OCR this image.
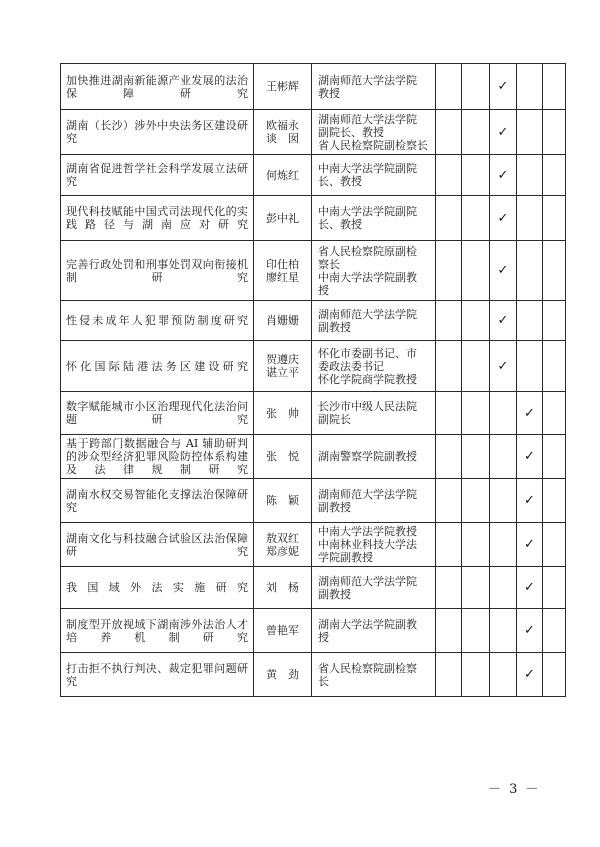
加快推进湖南新能源产业发展的法治保障研究	王彬辉	湖南师范大学法学院
教授			✓		

湖南（长沙）涉外中央法务区建设研究	欧福永
谈　囡	湖南师范大学法学院
副院长、教授
省人民检察院副检察长			✓		

湖南省促进哲学社会科学发展立法研究	何炼红	中南大学法学院副院
长、教授			✓		

现代科技赋能中国式司法现代化的实践路径与湖南应对研究	彭中礼	中南大学法学院副院
长、教授			✓		

完善行政处罚和刑事处罚双向衔接机制研究	印仕柏
廖红星	省人民检察院原副检
察长
中南大学法学院副教
授			✓		

性侵未成年人犯罪预防制度研究	肖姗姗	湖南师范大学法学院
副教授			✓		

怀化国际陆港法务区建设研究	贺遵庆
谌立平	怀化市委副书记、市
委政法委书记
怀化学院商学院教授			✓		

数字赋能城市小区治理现代化法治问题研究	张　帅	长沙市中级人民法院
副院长				✓	

基于跨部门数据融合与 AI 辅助研判的涉众型经济犯罪风险防控体系构建及法律规制研究	张　悦	湖南警察学院副教授				✓	

湖南水权交易智能化支撑法治保障研究	陈　颖	湖南师范大学法学院
副教授				✓	

湖南文化与科技融合试验区法治保障研究	敖双红
郑彦妮	中南大学法学院教授
中南林业科技大学法
学院副教授				✓	

我国域外法实施研究	刘　杨	湖南师范大学法学院
副教授				✓	

制度型开放视域下湖南涉外法治人才培养机制研究	曾艳军	湖南大学法学院副教
授				✓	

打击拒不执行判决、裁定犯罪问题研究	黄　劲	省人民检察院副检察
长				✓	

－ 3 －
